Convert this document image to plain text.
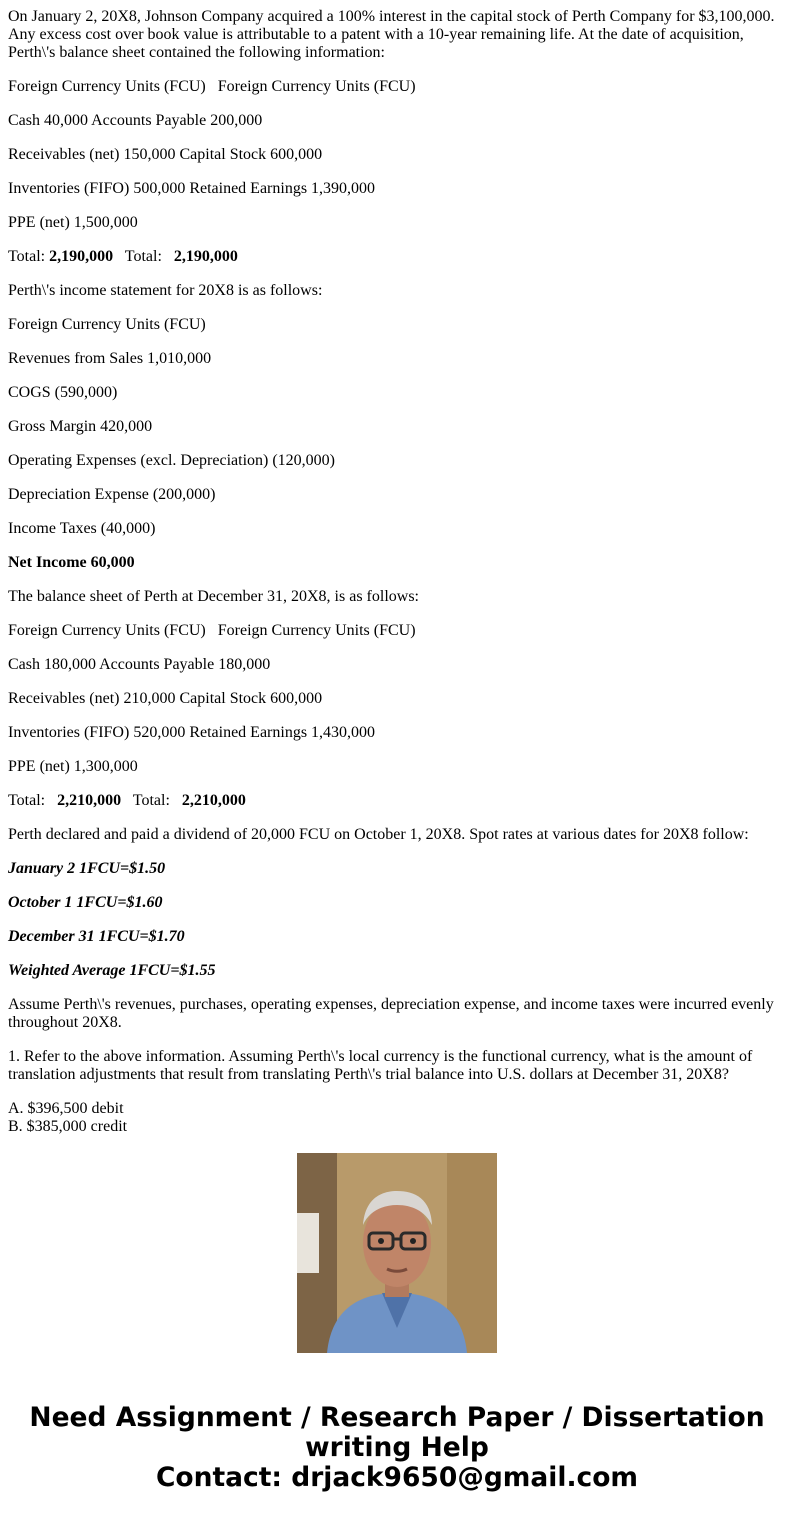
On January 2, 20X8, Johnson Company acquired a 100% interest in the capital stock of Perth Company for $3,100,000. Any excess cost over book value is attributable to a patent with a 10-year remaining life. At the date of acquisition, Perth\'s balance sheet contained the following information:

Foreign Currency Units (FCU)   Foreign Currency Units (FCU)

Cash 40,000 Accounts Payable 200,000

Receivables (net) 150,000 Capital Stock 600,000

Inventories (FIFO) 500,000 Retained Earnings 1,390,000

PPE (net) 1,500,000

Total: 2,190,000   Total:   2,190,000

Perth\'s income statement for 20X8 is as follows:

Foreign Currency Units (FCU)

Revenues from Sales 1,010,000

COGS (590,000)

Gross Margin 420,000

Operating Expenses (excl. Depreciation) (120,000)

Depreciation Expense (200,000)

Income Taxes (40,000)

Net Income 60,000

The balance sheet of Perth at December 31, 20X8, is as follows:

Foreign Currency Units (FCU)   Foreign Currency Units (FCU)

Cash 180,000 Accounts Payable 180,000

Receivables (net) 210,000 Capital Stock 600,000

Inventories (FIFO) 520,000 Retained Earnings 1,430,000

PPE (net) 1,300,000

Total:   2,210,000   Total:   2,210,000

Perth declared and paid a dividend of 20,000 FCU on October 1, 20X8. Spot rates at various dates for 20X8 follow:

January 2 1FCU=$1.50

October 1 1FCU=$1.60

December 31 1FCU=$1.70

Weighted Average 1FCU=$1.55

Assume Perth\'s revenues, purchases, operating expenses, depreciation expense, and income taxes were incurred evenly throughout 20X8.

1. Refer to the above information. Assuming Perth\'s local currency is the functional currency, what is the amount of translation adjustments that result from translating Perth\'s trial balance into U.S. dollars at December 31, 20X8?

A. $396,500 debit
B. $385,000 credit
Need Assignment / Research Paper / Dissertation
writing Help
Contact: drjack9650@gmail.com
